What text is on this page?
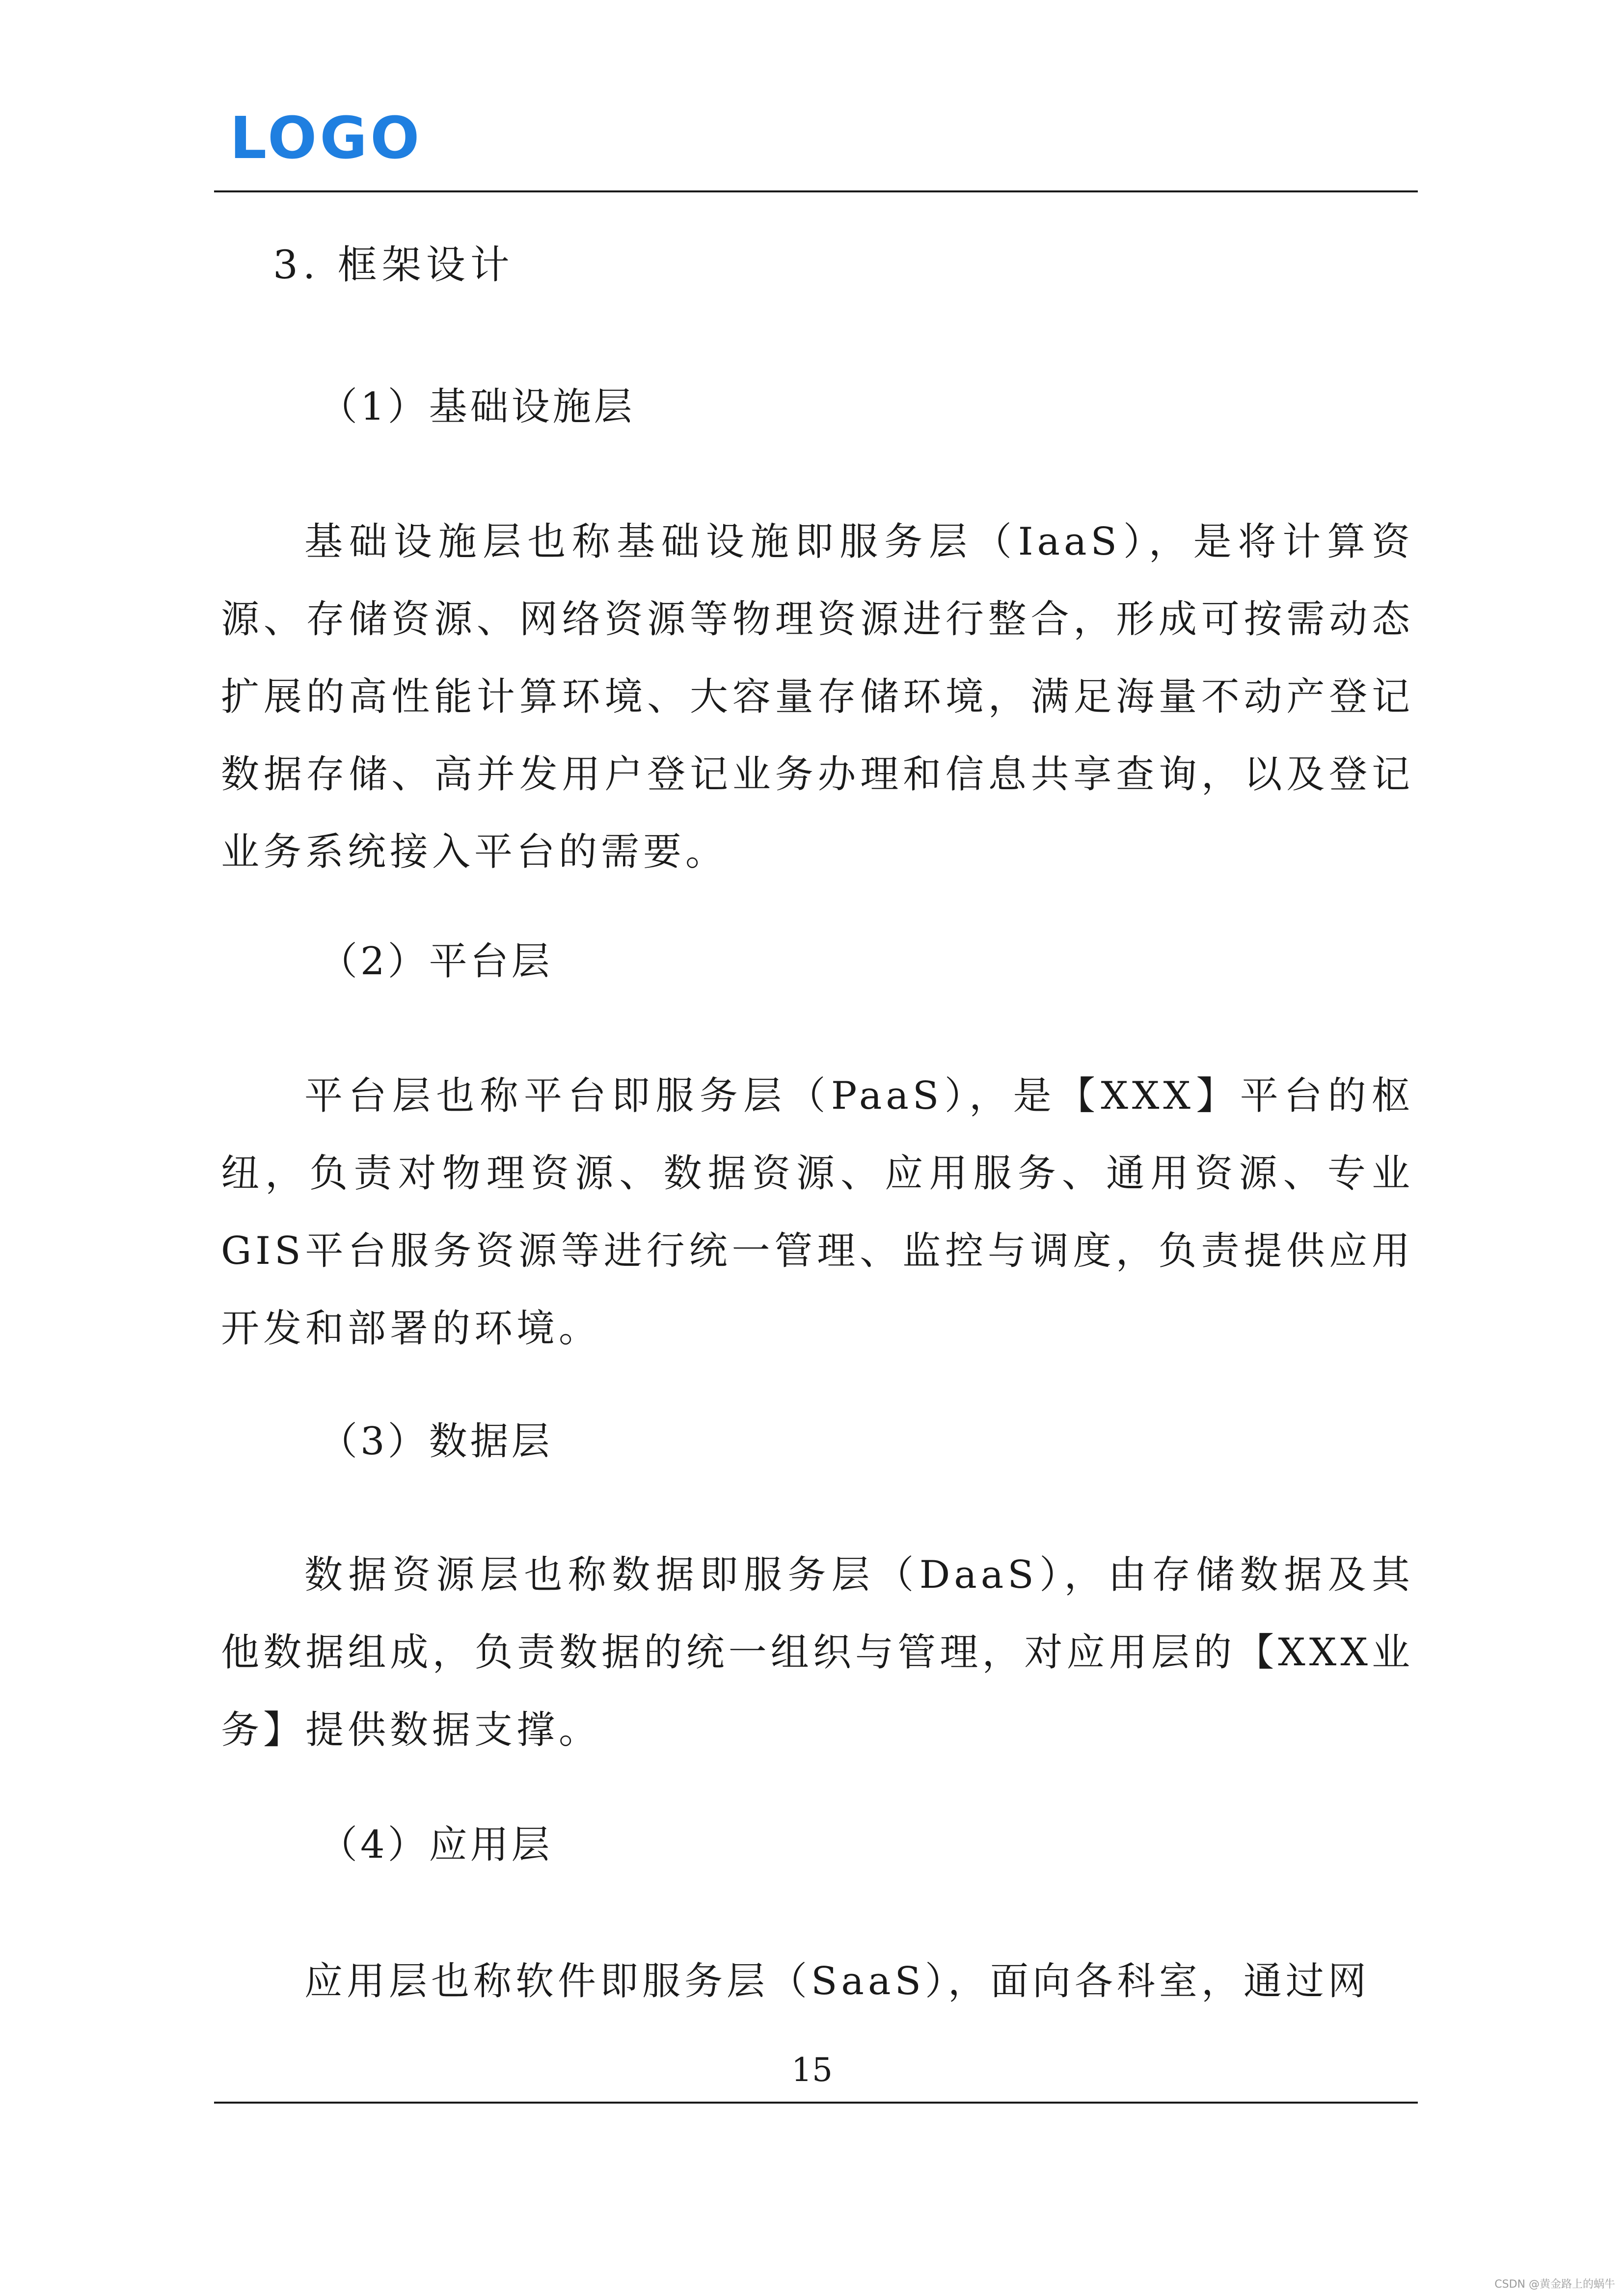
LOGO
3. 框架设计
（1）基础设施层

基础设施层也称基础设施即服务层（IaaS），是将计算资源、存储资源、网络资源等物理资源进行整合，形成可按需动态扩展的高性能计算环境、大容量存储环境，满足海量不动产登记数据存储、高并发用户登记业务办理和信息共享查询，以及登记业务系统接入平台的需要。

（2）平台层

平台层也称平台即服务层（PaaS），是【XXX】平台的枢纽，负责对物理资源、数据资源、应用服务、通用资源、专业GIS平台服务资源等进行统一管理、监控与调度，负责提供应用开发和部署的环境。

（3）数据层

数据资源层也称数据即服务层（DaaS），由存储数据及其他数据组成，负责数据的统一组织与管理，对应用层的【XXX业务】提供数据支撑。

（4）应用层

应用层也称软件即服务层（SaaS），面向各科室，通过网

15
CSDN @黄金路上的蜗牛
